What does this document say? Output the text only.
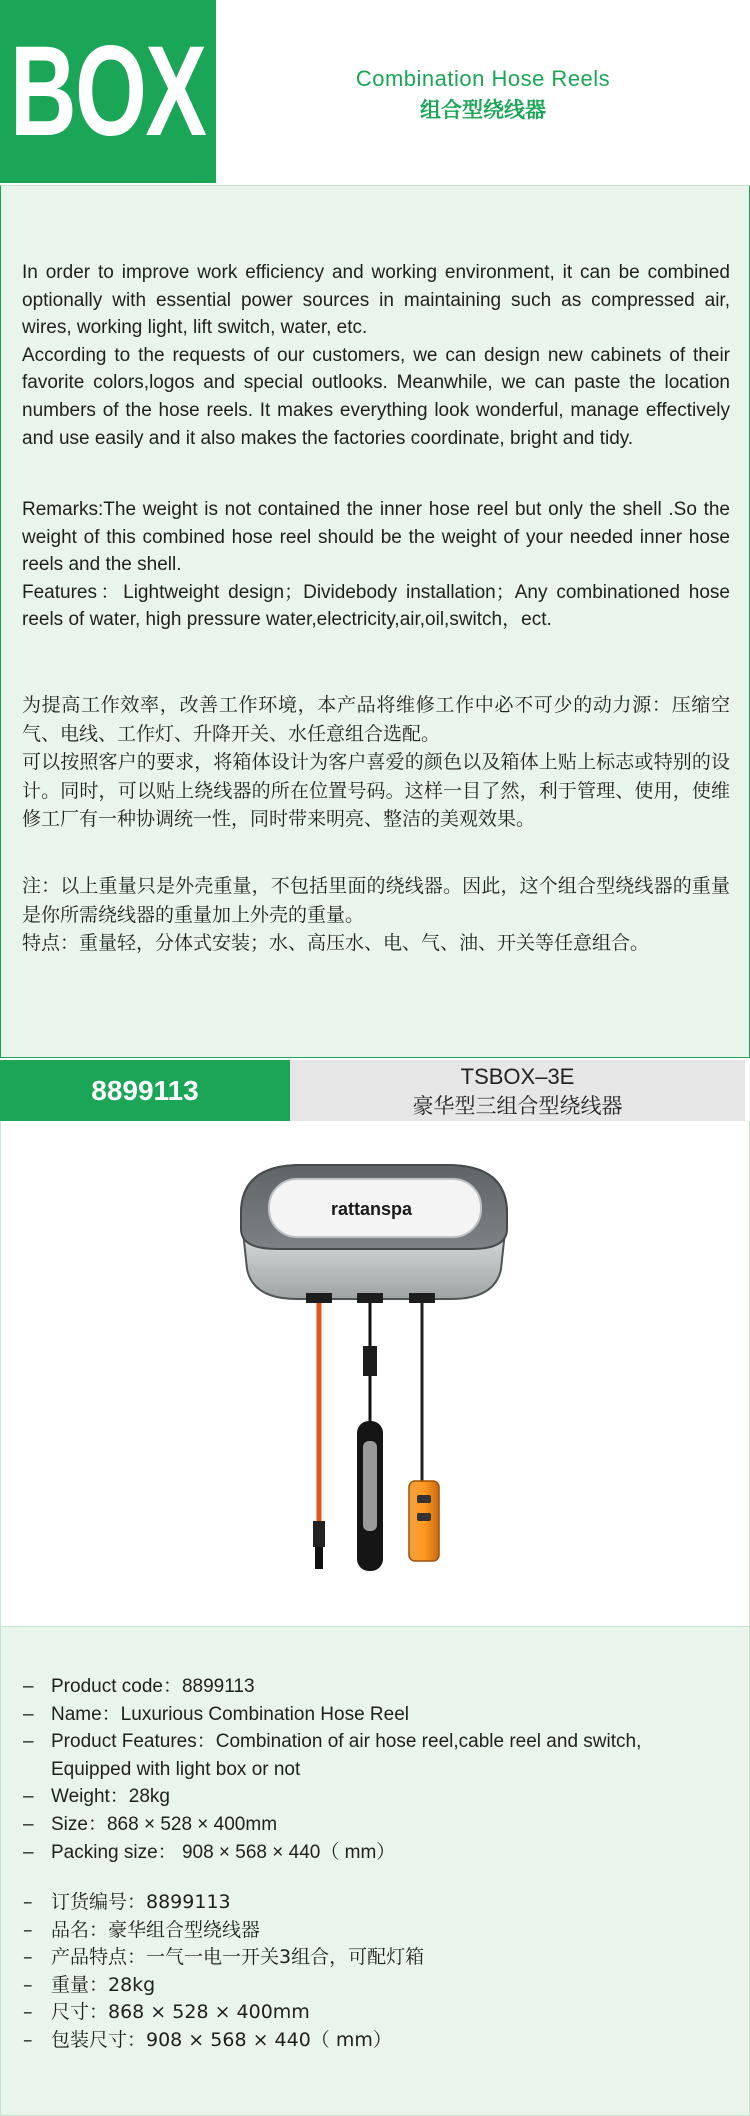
BOX	Combination Hose Reels
组合型绕线器
In order to improve work efficiency and working environment, it can be combined optionally with essential power sources in maintaining such as compressed air, wires, working light, lift switch, water, etc.
According to the requests of our customers, we can design new cabinets of their favorite colors,logos and special outlooks. Meanwhile, we can paste the location numbers of the hose reels. It makes everything look wonderful, manage effectively and use easily and it also makes the factories coordinate, bright and tidy.
Remarks:The weight is not contained the inner hose reel but only the shell .So the weight of this combined hose reel should be the weight of your needed inner hose reels and the shell.
Features：Lightweight design；Dividebody installation；Any combinationed hose reels of water, high pressure water,electricity,air,oil,switch，ect.
为提高工作效率，改善工作环境，本产品将维修工作中必不可少的动力源：压缩空气、电线、工作灯、升降开关、水任意组合选配。
可以按照客户的要求，将箱体设计为客户喜爱的颜色以及箱体上贴上标志或特别的设计。同时，可以贴上绕线器的所在位置号码。这样一目了然，利于管理、使用，使维修工厂有一种协调统一性，同时带来明亮、整洁的美观效果。
注：以上重量只是外壳重量，不包括里面的绕线器。因此，这个组合型绕线器的重量是你所需绕线器的重量加上外壳的重量。
特点：重量轻，分体式安装；水、高压水、电、气、油、开关等任意组合。
8899113	TSBOX–3E
豪华型三组合型绕线器
rattanspa
– Product code：8899113
– Name：Luxurious Combination Hose Reel
– Product Features：Combination of air hose reel,cable reel and switch, Equipped with light box or not
– Weight：28kg
– Size：868 × 528 × 400mm
– Packing size： 908 × 568 × 440（ mm）
– 订货编号：8899113
– 品名：豪华组合型绕线器
– 产品特点：一气一电一开关3组合，可配灯箱
– 重量：28kg
– 尺寸：868 × 528 × 400mm
– 包装尺寸：908 × 568 × 440（ mm）
